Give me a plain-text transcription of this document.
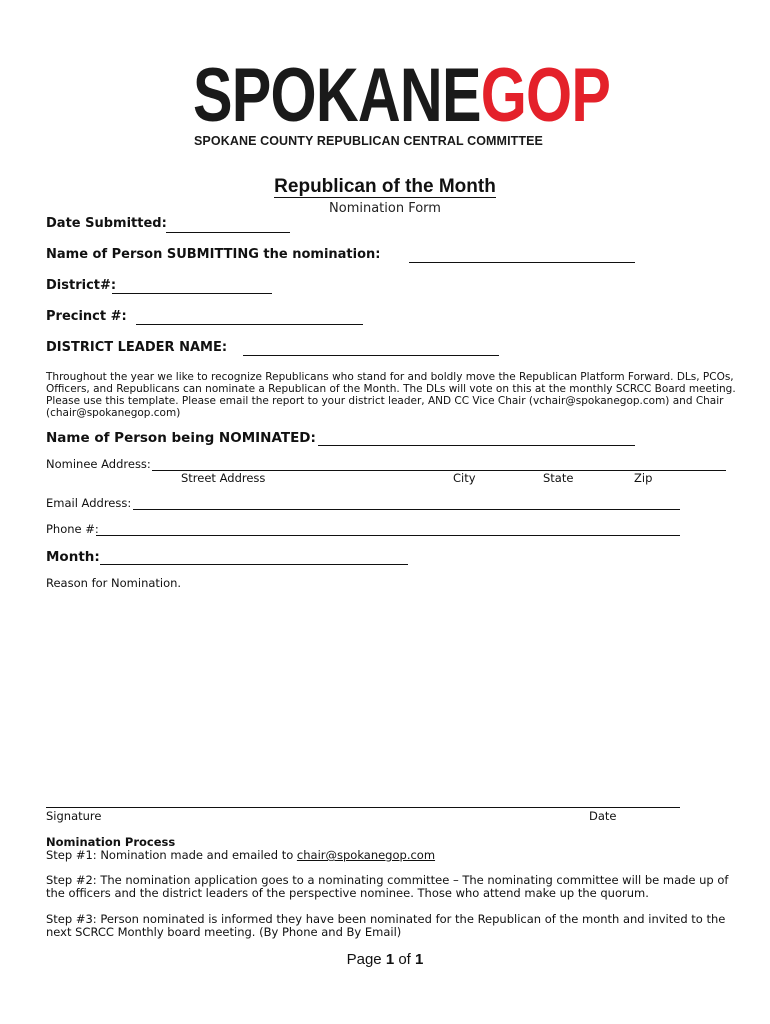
SPOKANEGOP
SPOKANE COUNTY REPUBLICAN CENTRAL COMMITTEE
Republican of the Month
Nomination Form
Date Submitted:
Name of Person SUBMITTING the nomination:
District#:
Precinct #:
DISTRICT LEADER NAME:
Throughout the year we like to recognize Republicans who stand for and boldly move the Republican Platform Forward. DLs, PCOs, Officers, and Republicans can nominate a Republican of the Month. The DLs will vote on this at the monthly SCRCC Board meeting. Please use this template. Please email the report to your district leader, AND CC Vice Chair (vchair@spokanegop.com) and Chair (chair@spokanegop.com)
Name of Person being NOMINATED:
Nominee Address:
Street Address	City	State	Zip
Email Address:
Phone #:
Month:
Reason for Nomination.
Signature	Date
Nomination Process
Step #1: Nomination made and emailed to chair@spokanegop.com
Step #2: The nomination application goes to a nominating committee – The nominating committee will be made up of the officers and the district leaders of the perspective nominee. Those who attend make up the quorum.
Step #3: Person nominated is informed they have been nominated for the Republican of the month and invited to the next SCRCC Monthly board meeting. (By Phone and By Email)
Page 1 of 1
